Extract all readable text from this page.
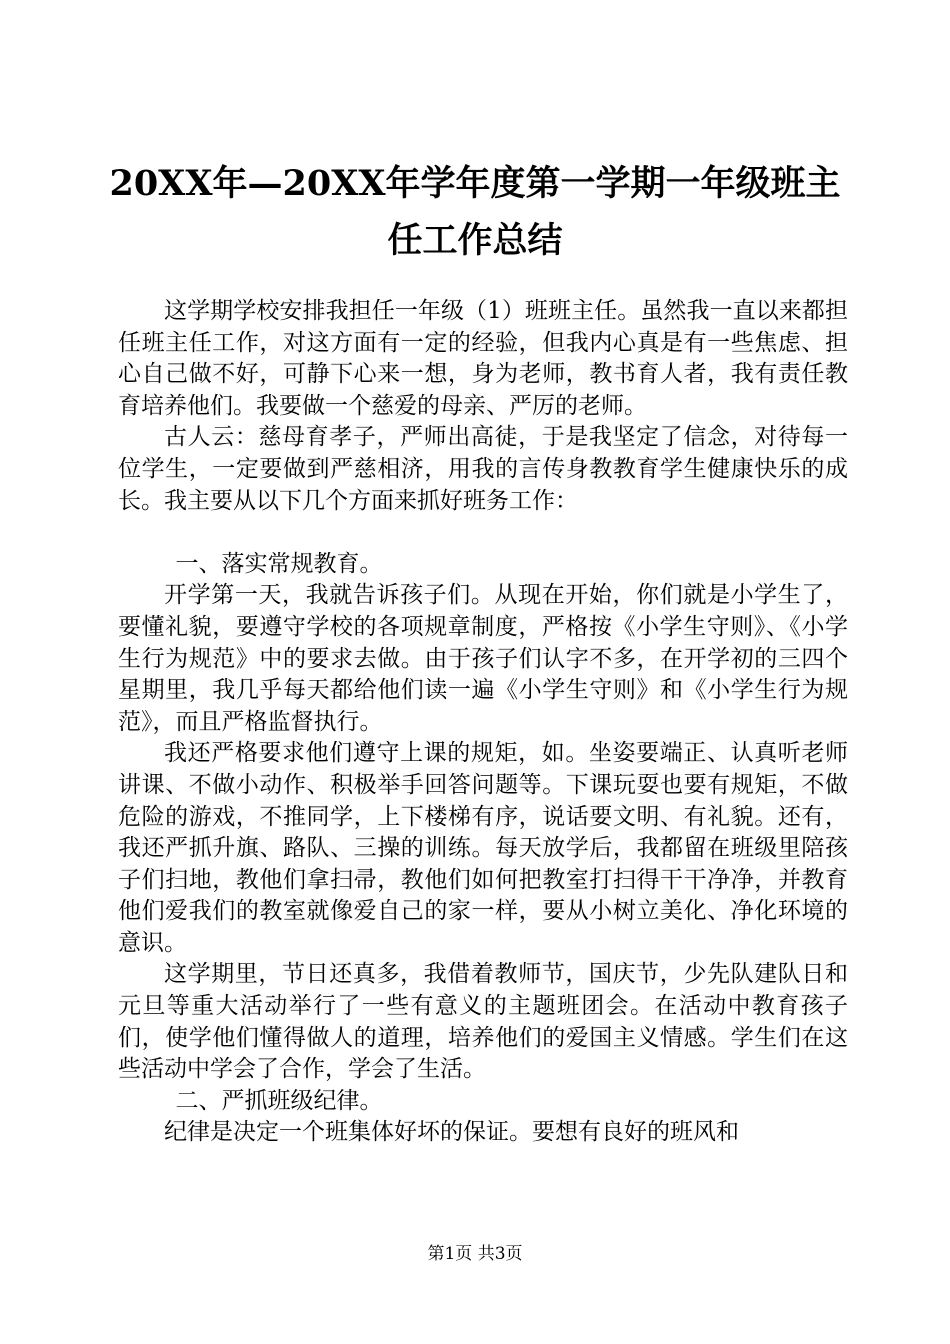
20XX年—20XX年学年度第一学期一年级班主
任工作总结

这学期学校安排我担任一年级（1）班班主任。虽然我一直以来都担任班主任工作，对这方面有一定的经验，但我内心真是有一些焦虑、担心自己做不好，可静下心来一想，身为老师，教书育人者，我有责任教育培养他们。我要做一个慈爱的母亲、严厉的老师。

古人云：慈母育孝子，严师出高徒，于是我坚定了信念，对待每一位学生，一定要做到严慈相济，用我的言传身教教育学生健康快乐的成长。我主要从以下几个方面来抓好班务工作：

一、落实常规教育。

开学第一天，我就告诉孩子们。从现在开始，你们就是小学生了，要懂礼貌，要遵守学校的各项规章制度，严格按《小学生守则》、《小学生行为规范》中的要求去做。由于孩子们认字不多，在开学初的三四个星期里，我几乎每天都给他们读一遍《小学生守则》和《小学生行为规范》，而且严格监督执行。

我还严格要求他们遵守上课的规矩，如。坐姿要端正、认真听老师讲课、不做小动作、积极举手回答问题等。下课玩耍也要有规矩，不做危险的游戏，不推同学，上下楼梯有序，说话要文明、有礼貌。还有，我还严抓升旗、路队、三操的训练。每天放学后，我都留在班级里陪孩子们扫地，教他们拿扫帚，教他们如何把教室打扫得干干净净，并教育他们爱我们的教室就像爱自己的家一样，要从小树立美化、净化环境的意识。

这学期里，节日还真多，我借着教师节，国庆节，少先队建队日和元旦等重大活动举行了一些有意义的主题班团会。在活动中教育孩子们，使学他们懂得做人的道理，培养他们的爱国主义情感。学生们在这些活动中学会了合作，学会了生活。

二、严抓班级纪律。

纪律是决定一个班集体好坏的保证。要想有良好的班风和

第1页 共3页
